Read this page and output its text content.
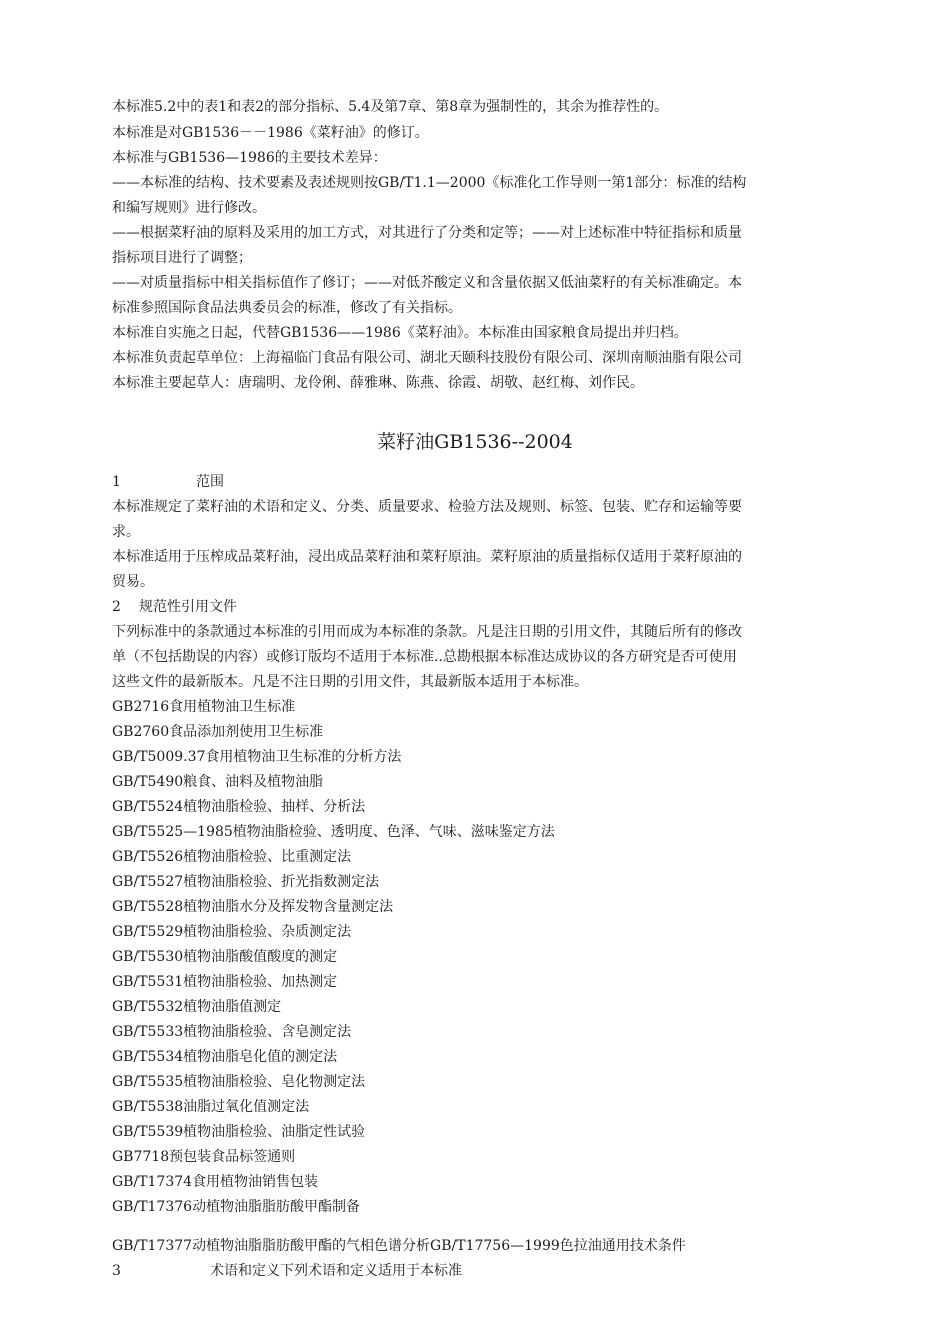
本标准5.2中的表1和表2的部分指标、5.4及第7章、第8章为强制性的，其余为推荐性的。
本标准是对GB1536－－1986《菜籽油》的修订。
本标准与GB1536—1986的主要技术差异：
——本标准的结构、技术要素及表述规则按GB/T1.1—2000《标准化工作导则一第1部分：标准的结构
和编写规则》进行修改。
——根据菜籽油的原料及采用的加工方式，对其进行了分类和定等；——对上述标准中特征指标和质量
指标项目进行了调整；
——对质量指标中相关指标值作了修订；——对低芥酸定义和含量依据又低油菜籽的有关标准确定。本
标准参照国际食品法典委员会的标准，修改了有关指标。
本标准自实施之日起，代替GB1536——1986《菜籽油》。本标准由国家粮食局提出并归档。
本标准负责起草单位：上海福临门食品有限公司、湖北天颐科技股份有限公司、深圳南顺油脂有限公司
本标准主要起草人：唐瑞明、龙伶俐、薛雅琳、陈燕、徐霞、胡敬、赵红梅、刘作民。
菜籽油GB1536--2004
1	范围
本标准规定了菜籽油的术语和定义、分类、质量要求、检验方法及规则、标签、包装、贮存和运输等要
求。
本标准适用于压榨成品菜籽油，浸出成品菜籽油和菜籽原油。菜籽原油的质量指标仅适用于菜籽原油的
贸易。
2 规范性引用文件
下列标准中的条款通过本标准的引用而成为本标准的条款。凡是注日期的引用文件，其随后所有的修改
单（不包括勘误的内容）或修订版均不适用于本标准..总勘根据本标准达成协议的各方研究是否可使用
这些文件的最新版本。凡是不注日期的引用文件，其最新版本适用于本标准。
GB2716食用植物油卫生标准
GB2760食品添加剂使用卫生标准
GB/T5009.37食用植物油卫生标准的分析方法
GB/T5490粮食、油料及植物油脂
GB/T5524植物油脂检验、抽样、分析法
GB/T5525—1985植物油脂检验、透明度、色泽、气味、滋味鉴定方法
GB/T5526植物油脂检验、比重测定法
GB/T5527植物油脂检验、折光指数测定法
GB/T5528植物油脂水分及挥发物含量测定法
GB/T5529植物油脂检验、杂质测定法
GB/T5530植物油脂酸值酸度的测定
GB/T5531植物油脂检验、加热测定
GB/T5532植物油脂值测定
GB/T5533植物油脂检验、含皂测定法
GB/T5534植物油脂皂化值的测定法
GB/T5535植物油脂检验、皂化物测定法
GB/T5538油脂过氧化值测定法
GB/T5539植物油脂检验、油脂定性试验
GB7718预包装食品标签通则
GB/T17374食用植物油销售包装
GB/T17376动植物油脂脂肪酸甲酯制备
GB/T17377动植物油脂脂肪酸甲酯的气相色谱分析GB/T17756—1999色拉油通用技术条件
3	术语和定义下列术语和定义适用于本标准
